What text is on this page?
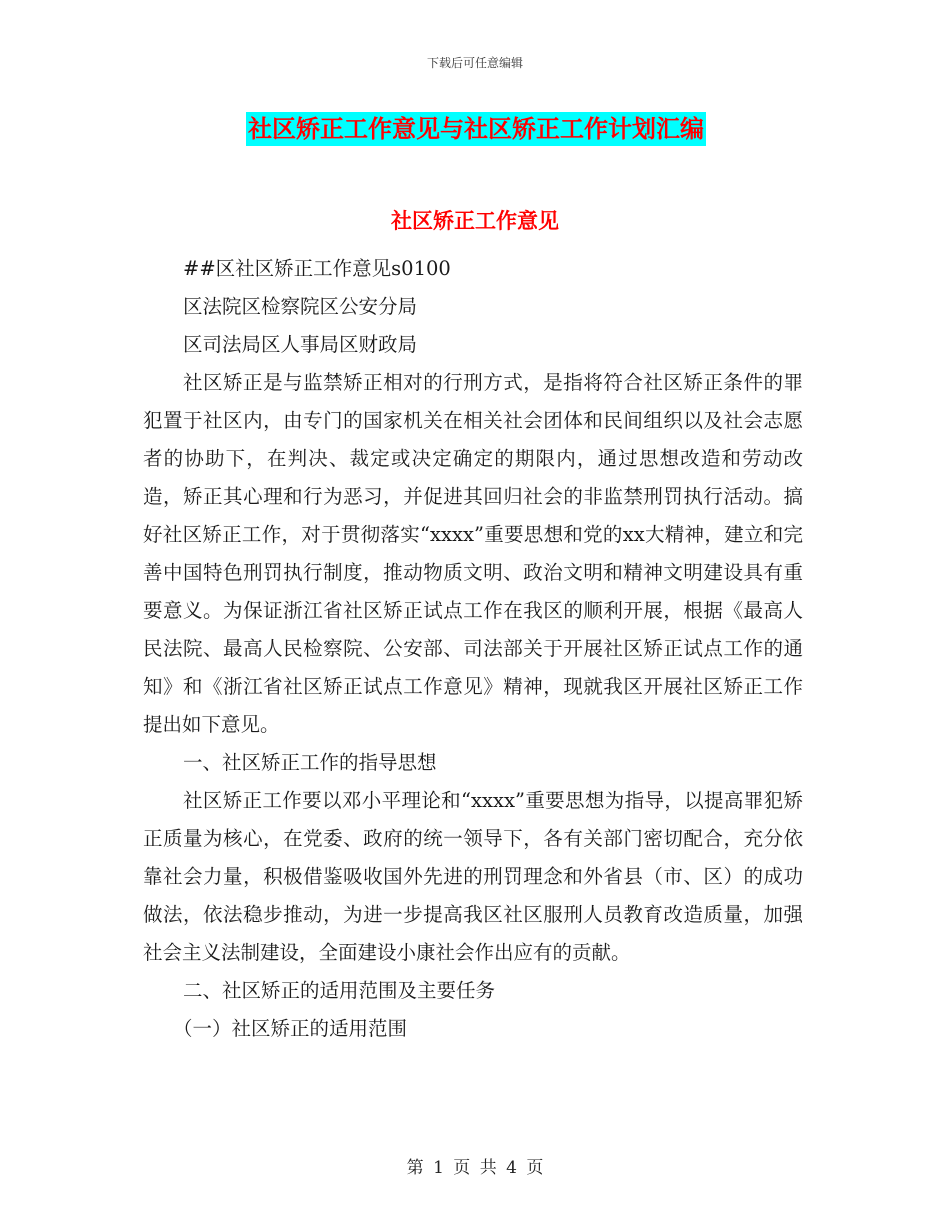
下载后可任意编辑
社区矫正工作意见与社区矫正工作计划汇编
社区矫正工作意见

##区社区矫正工作意见s0100

区法院区检察院区公安分局

区司法局区人事局区财政局

社区矫正是与监禁矫正相对的行刑方式，是指将符合社区矫正条件的罪犯置于社区内，由专门的国家机关在相关社会团体和民间组织以及社会志愿者的协助下，在判决、裁定或决定确定的期限内，通过思想改造和劳动改造，矫正其心理和行为恶习，并促进其回归社会的非监禁刑罚执行活动。搞好社区矫正工作，对于贯彻落实“xxxx”重要思想和党的xx大精神，建立和完善中国特色刑罚执行制度，推动物质文明、政治文明和精神文明建设具有重要意义。为保证浙江省社区矫正试点工作在我区的顺利开展，根据《最高人民法院、最高人民检察院、公安部、司法部关于开展社区矫正试点工作的通知》和《浙江省社区矫正试点工作意见》精神，现就我区开展社区矫正工作提出如下意见。

一、社区矫正工作的指导思想

社区矫正工作要以邓小平理论和“xxxx”重要思想为指导，以提高罪犯矫正质量为核心，在党委、政府的统一领导下，各有关部门密切配合，充分依靠社会力量，积极借鉴吸收国外先进的刑罚理念和外省县（市、区）的成功做法，依法稳步推动，为进一步提高我区社区服刑人员教育改造质量，加强社会主义法制建设，全面建设小康社会作出应有的贡献。

二、社区矫正的适用范围及主要任务

（一）社区矫正的适用范围

第 1 页 共 4 页
